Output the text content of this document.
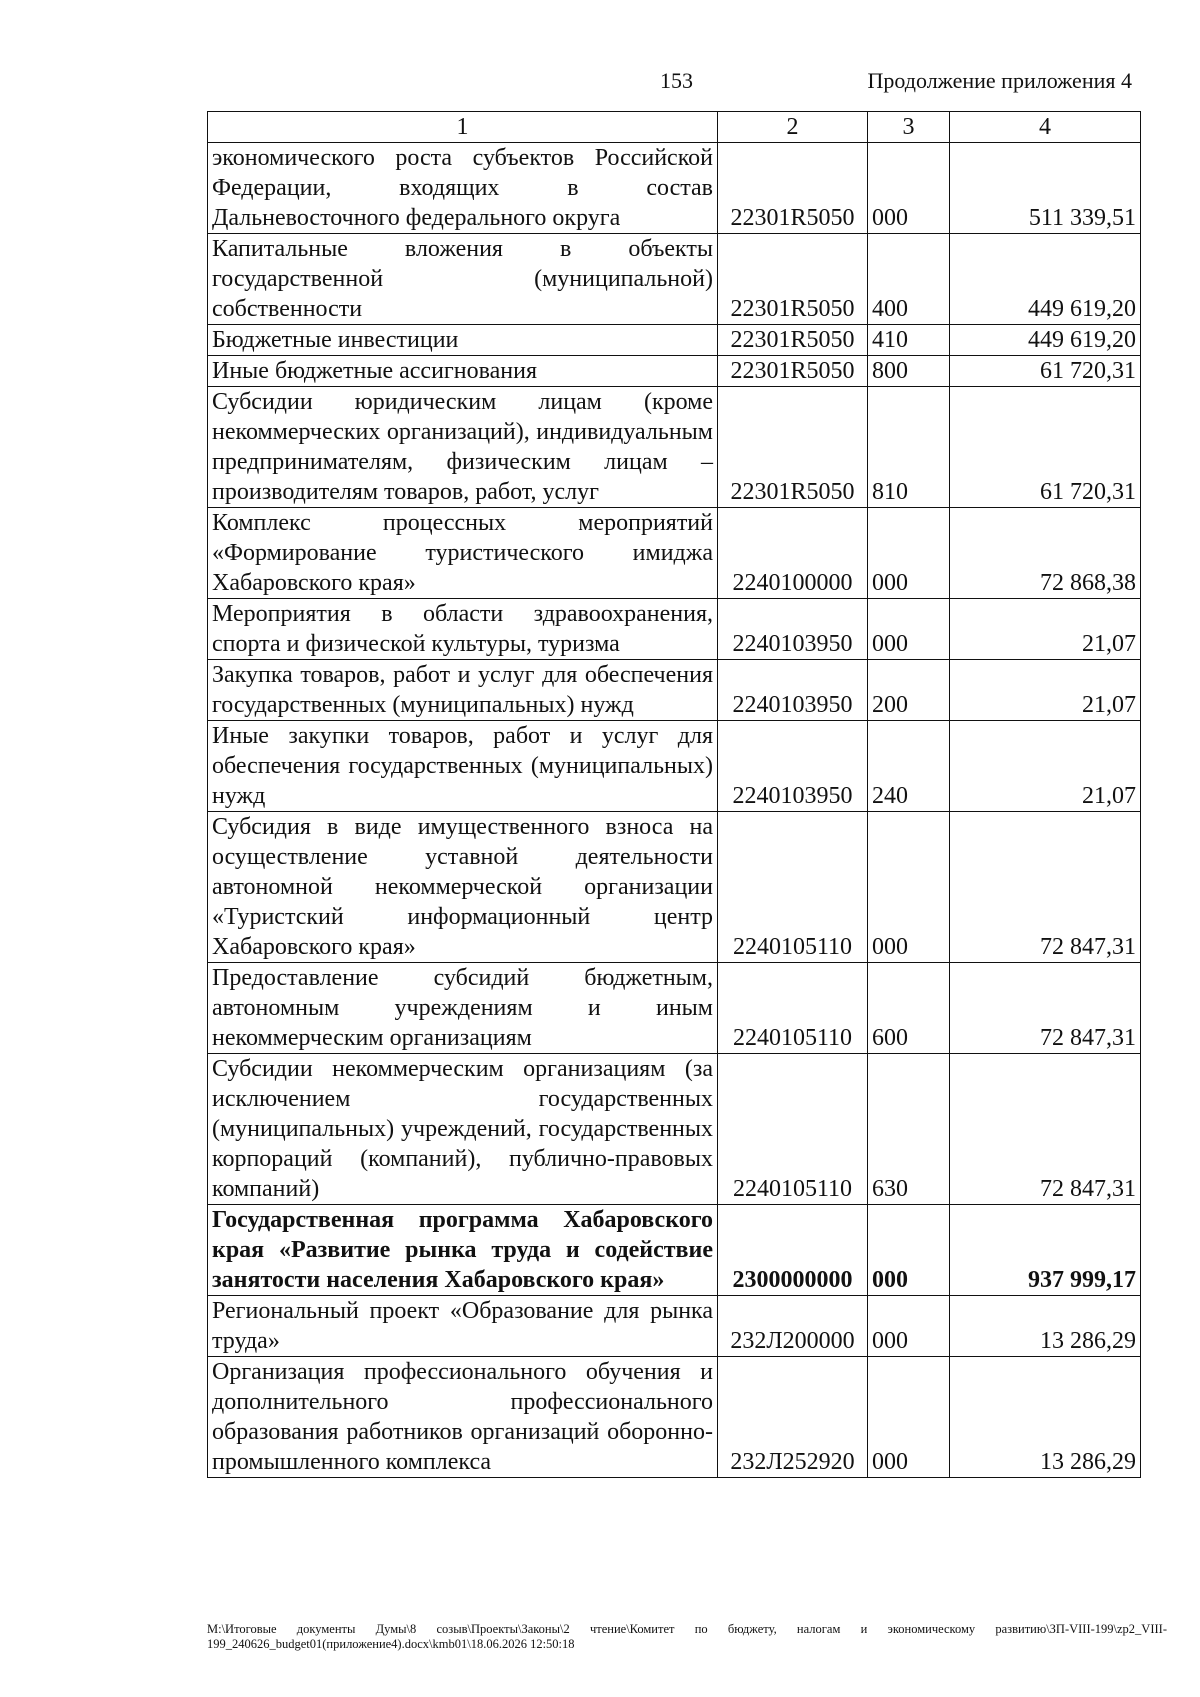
153	Продолжение приложения 4
1	2	3	4
экономического роста субъектов Российской Федерации, входящих в состав Дальневосточного федерального округа	22301R5050	000	511 339,51
Капитальные вложения в объекты государственной (муниципальной) собственности	22301R5050	400	449 619,20
Бюджетные инвестиции	22301R5050	410	449 619,20
Иные бюджетные ассигнования	22301R5050	800	61 720,31
Субсидии юридическим лицам (кроме некоммерческих организаций), индивидуальным предпринимателям, физическим лицам – производителям товаров, работ, услуг	22301R5050	810	61 720,31
Комплекс процессных мероприятий «Формирование туристического имиджа Хабаровского края»	2240100000	000	72 868,38
Мероприятия в области здравоохранения, спорта и физической культуры, туризма	2240103950	000	21,07
Закупка товаров, работ и услуг для обеспечения государственных (муниципальных) нужд	2240103950	200	21,07
Иные закупки товаров, работ и услуг для обеспечения государственных (муниципальных) нужд	2240103950	240	21,07
Субсидия в виде имущественного взноса на осуществление уставной деятельности автономной некоммерческой организации «Туристский информационный центр Хабаровского края»	2240105110	000	72 847,31
Предоставление субсидий бюджетным, автономным учреждениям и иным некоммерческим организациям	2240105110	600	72 847,31
Субсидии некоммерческим организациям (за исключением государственных (муниципальных) учреждений, государственных корпораций (компаний), публично-правовых компаний)	2240105110	630	72 847,31
Государственная программа Хабаровского края «Развитие рынка труда и содействие занятости населения Хабаровского края»	2300000000	000	937 999,17
Региональный проект «Образование для рынка труда»	232Л200000	000	13 286,29
Организация профессионального обучения и дополнительного профессионального образования работников организаций оборонно-промышленного комплекса	232Л252920	000	13 286,29
M:\Итоговые документы Думы\8 созыв\Проекты\Законы\2 чтение\Комитет по бюджету, налогам и экономическому развитию\ЗП-VIII-199\zp2_VIII-199_240626_budget01(приложение4).docx\kmb01\18.06.2026 12:50:18
